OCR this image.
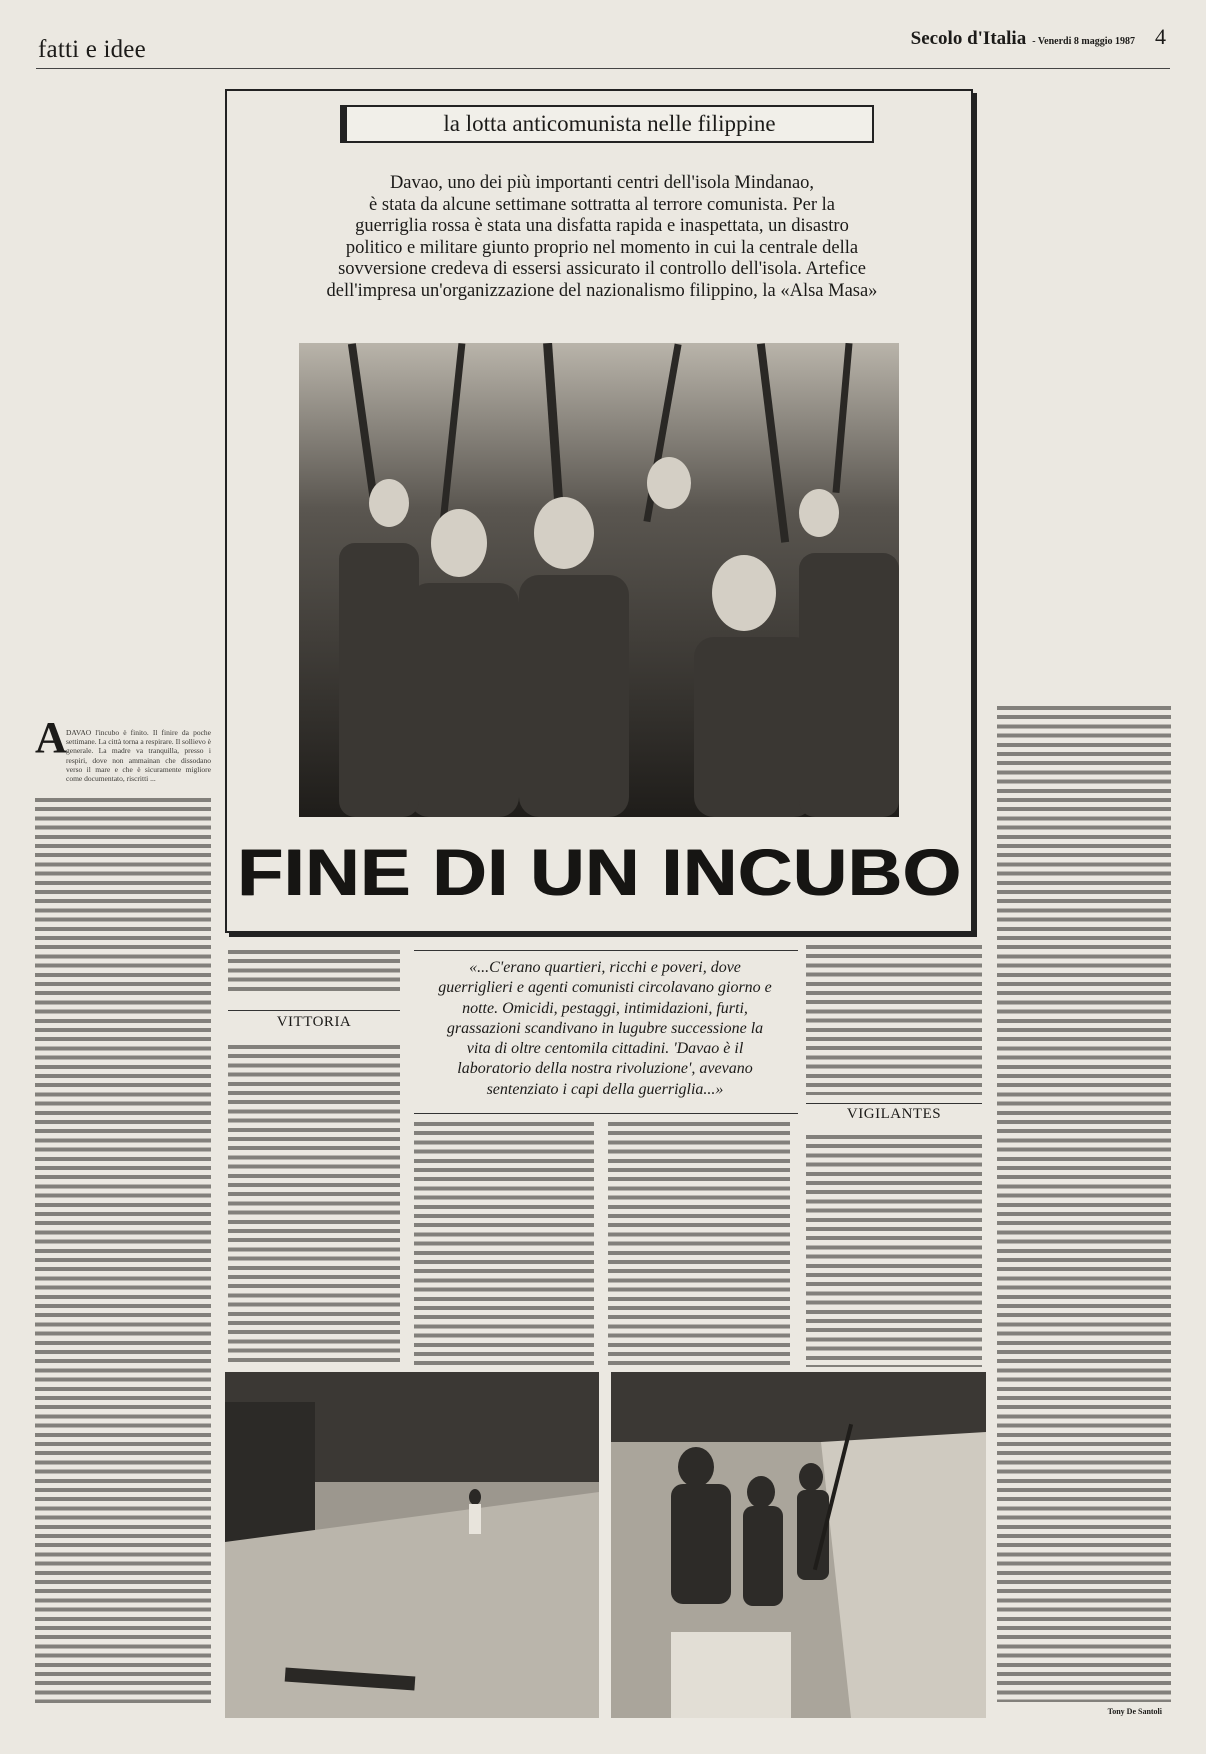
fatti e idee	Secolo d'Italia - Venerdi 8 maggio 1987 4
la lotta anticomunista nelle filippine

Davao, uno dei più importanti centri dell'isola Mindanao,

è stata da alcune settimane sottratta al terrore comunista. Per la

guerriglia rossa è stata una disfatta rapida e inaspettata, un disastro

politico e militare giunto proprio nel momento in cui la centrale della

sovversione credeva di essersi assicurato il controllo dell'isola. Artefice

dell'impresa un'organizzazione del nazionalismo filippino, la «Alsa Masa»

FINE DI UN INCUBO
A DAVAO l'incubo è finito. Il finire da poche settimane. La città torna a respirare. Il sollievo è generale. La madre va tranquilla, presso i respiri, dove non ammainan che dissodano verso il mare e che è sicuramente migliore come documentato, riscritti ...
VITTORIA

«...C'erano quartieri, ricchi e poveri, dove

guerriglieri e agenti comunisti circolavano giorno e

notte. Omicidi, pestaggi, intimidazioni, furti,

grassazioni scandivano in lugubre successione la

vita di oltre centomila cittadini. 'Davao è il

laboratorio della nostra rivoluzione', avevano

sentenziato i capi della guerriglia...»

VIGILANTES
Tony De Santoli
